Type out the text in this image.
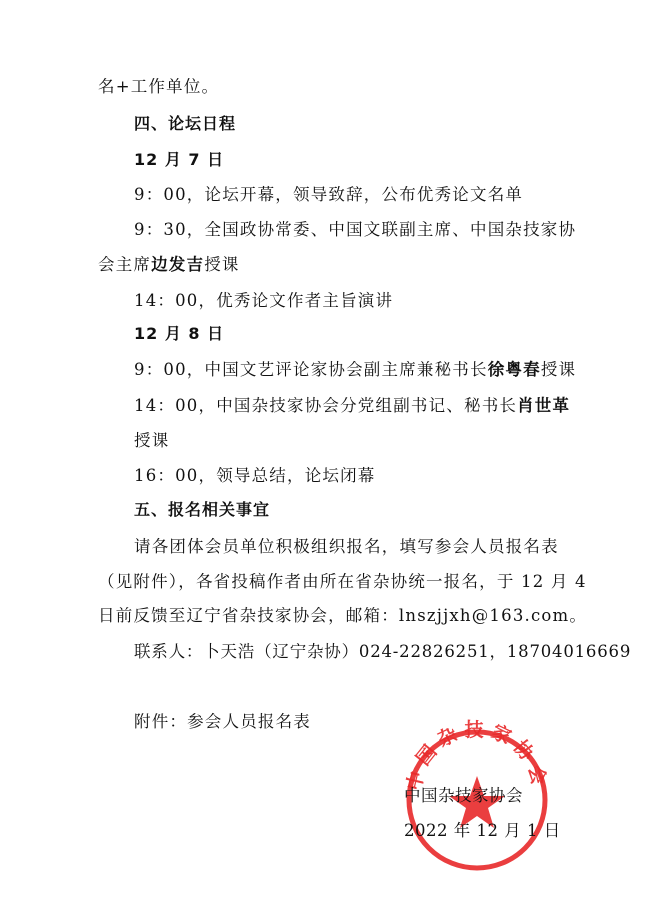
名+工作单位。
四、论坛日程
12 月 7 日
9：00，论坛开幕，领导致辞，公布优秀论文名单
9：30，全国政协常委、中国文联副主席、中国杂技家协
会主席边发吉授课
14：00，优秀论文作者主旨演讲
12 月 8 日
9：00，中国文艺评论家协会副主席兼秘书长徐粤春授课
14：00，中国杂技家协会分党组副书记、秘书长肖世革
授课
16：00，领导总结，论坛闭幕
五、报名相关事宜
请各团体会员单位积极组织报名，填写参会人员报名表
（见附件），各省投稿作者由所在省杂协统一报名，于 12 月 4
日前反馈至辽宁省杂技家协会，邮箱：lnszjjxh@163.com。
联系人：卜天浩（辽宁杂协）024-22826251，18704016669
附件：参会人员报名表
中国杂技家协会
中国杂技家协会
2022 年 12 月 1 日
